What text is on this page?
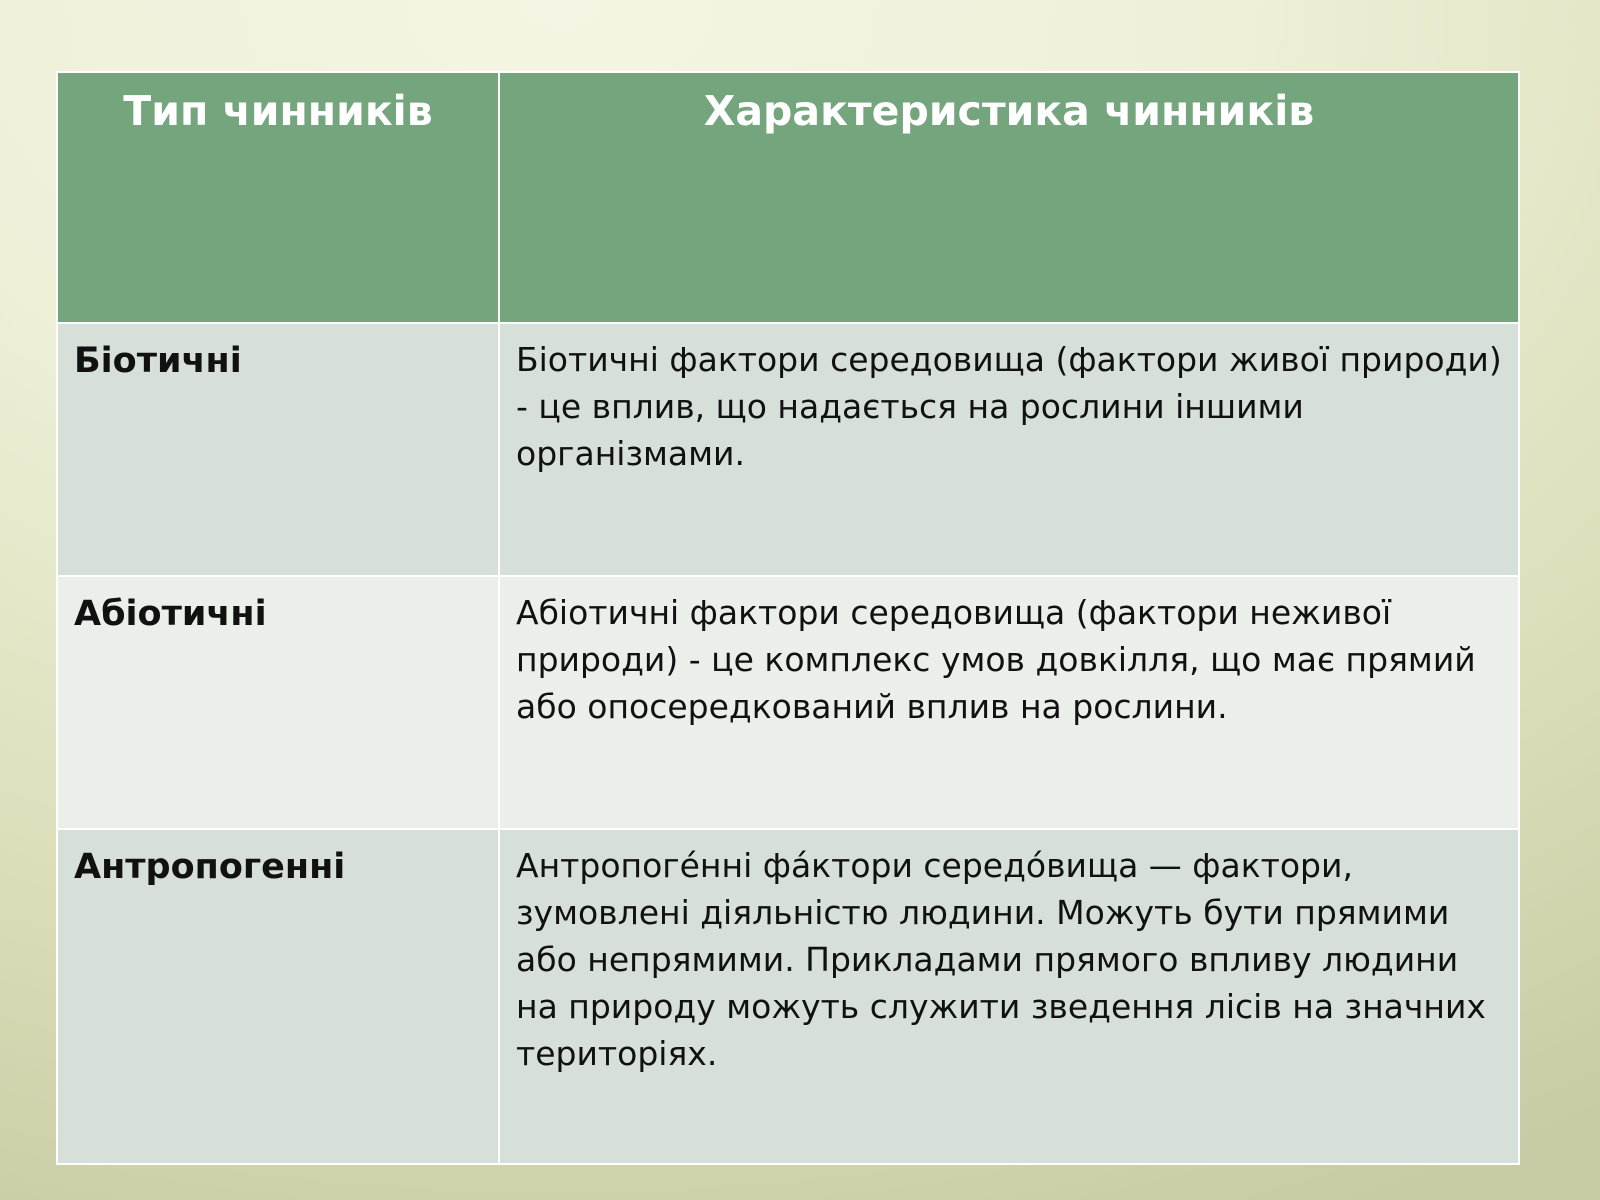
Тип чинників	Характеристика чинників
Біотичні	Біотичні фактори середовища (фактори живої природи) - це вплив, що надається на рослини іншими організмами.
Абіотичні	Абіотичні фактори середовища (фактори неживої природи) - це комплекс умов довкілля, що має прямий або опосередкований вплив на рослини.
Антропогенні	Антропоге́нні фа́ктори середо́вища — фактори, зумовлені діяльністю людини. Можуть бути прямими або непрямими. Прикладами прямого впливу людини на природу можуть служити зведення лісів на значних територіях.
